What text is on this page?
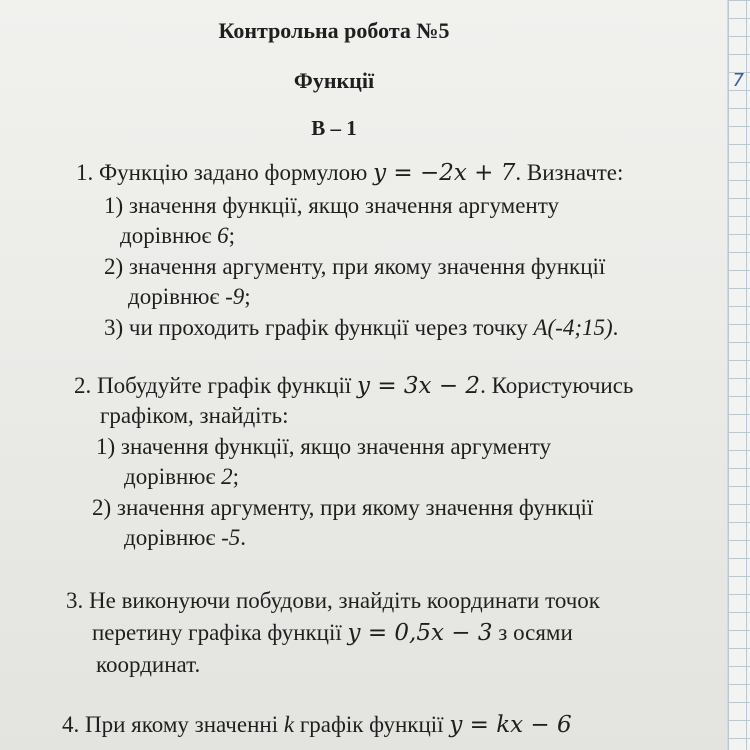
7
Контрольна робота №5
Функції
В – 1
1. Функцію задано формулою y = −2x + 7. Визначте:
1) значення функції, якщо значення аргументу
дорівнює 6;
2) значення аргументу, при якому значення функції
дорівнює -9;
3) чи проходить графік функції через точку A(-4;15).
2. Побудуйте графік функції y = 3x − 2. Користуючись
графіком, знайдіть:
1) значення функції, якщо значення аргументу
дорівнює 2;
2) значення аргументу, при якому значення функції
дорівнює -5.
3. Не виконуючи побудови, знайдіть координати точок
перетину графіка функції y = 0,5x − 3 з осями
координат.
4. При якому значенні k графік функції y = kx − 6
